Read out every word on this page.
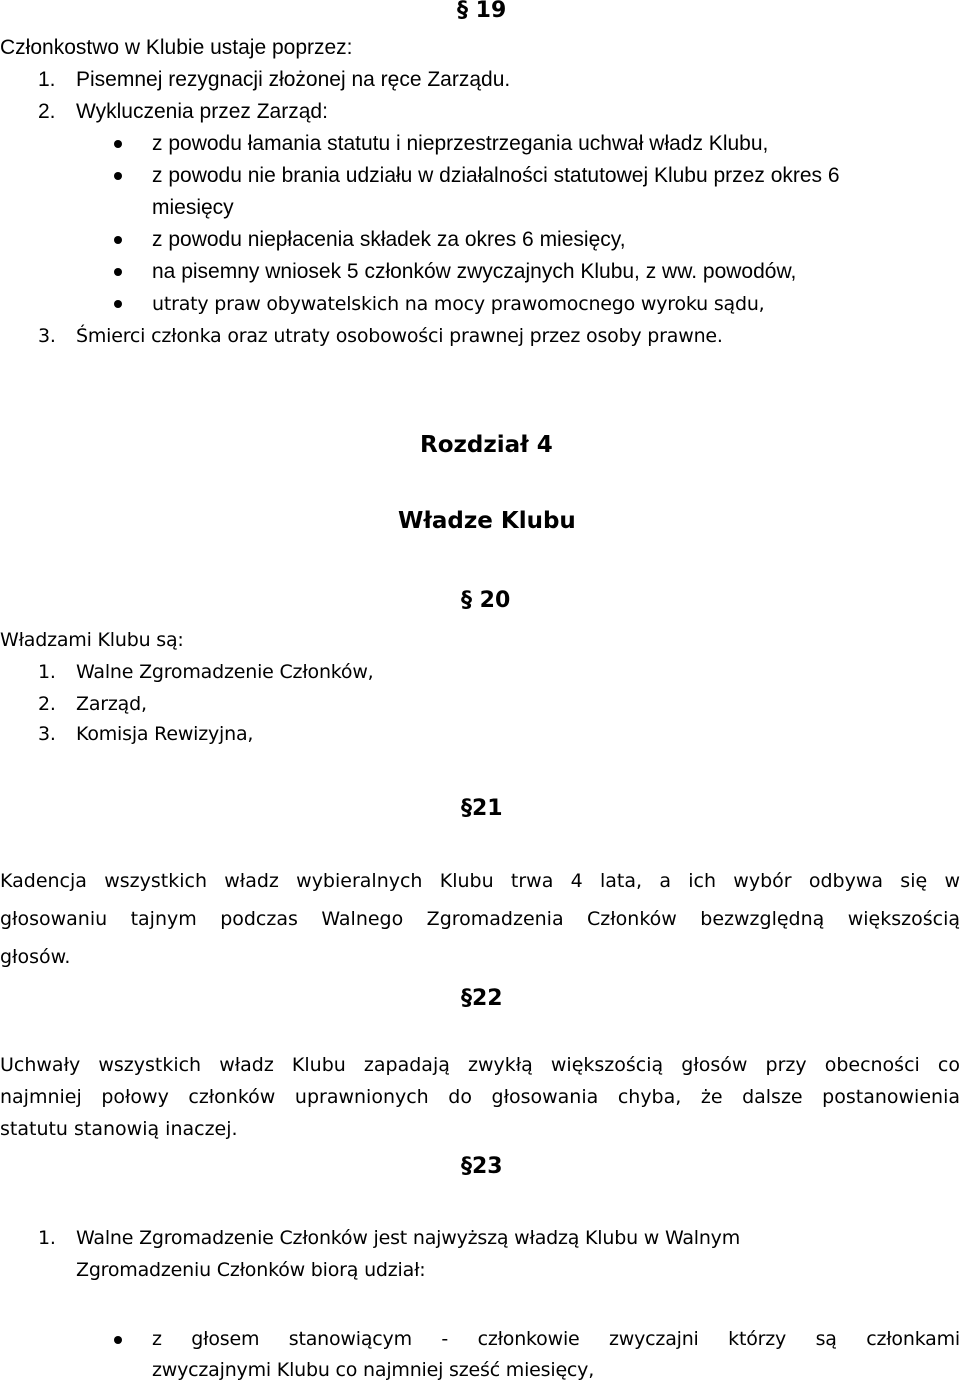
§ 19
Członkostwo w Klubie ustaje poprzez:
1. Pisemnej rezygnacji złożonej na ręce Zarządu.
2. Wykluczenia przez Zarząd:
z powodu łamania statutu i nieprzestrzegania uchwał władz Klubu,
z powodu nie brania udziału w działalności statutowej Klubu przez okres 6
miesięcy
z powodu niepłacenia składek za okres 6 miesięcy,
na pisemny wniosek 5 członków zwyczajnych Klubu, z ww. powodów,
utraty praw obywatelskich na mocy prawomocnego wyroku sądu,
3. Śmierci członka oraz utraty osobowości prawnej przez osoby prawne.
Rozdział 4
Władze Klubu
§ 20
Władzami Klubu są:
1. Walne Zgromadzenie Członków,
2. Zarząd,
3. Komisja Rewizyjna,
§21
Kadencja wszystkich władz wybieralnych Klubu trwa 4 lata, a ich wybór odbywa się w
głosowaniu tajnym podczas Walnego Zgromadzenia Członków bezwzględną większością
głosów.
§22
Uchwały wszystkich władz Klubu zapadają zwykłą większością głosów przy obecności co
najmniej połowy członków uprawnionych do głosowania chyba, że dalsze postanowienia
statutu stanowią inaczej.
§23
1. Walne Zgromadzenie Członków jest najwyższą władzą Klubu w Walnym
Zgromadzeniu Członków biorą udział:
z głosem stanowiącym - członkowie zwyczajni którzy są członkami
zwyczajnymi Klubu co najmniej sześć miesięcy,
